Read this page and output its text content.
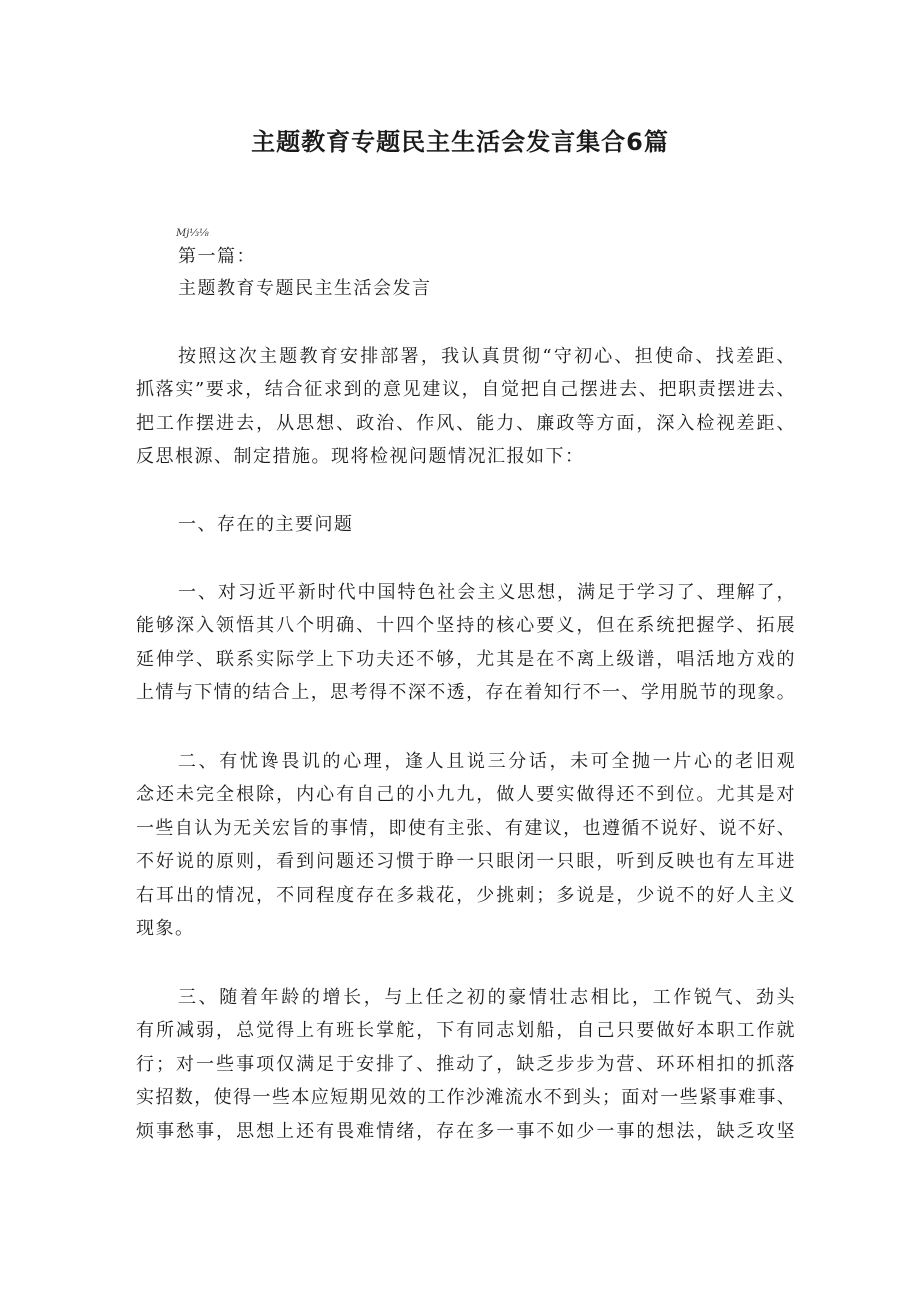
主题教育专题民主生活会发言集合6篇
Mj⅓⅛
第一篇：
主题教育专题民主生活会发言
按照这次主题教育安排部署，我认真贯彻“守初心、担使命、找差距、
抓落实”要求，结合征求到的意见建议，自觉把自己摆进去、把职责摆进去、
把工作摆进去，从思想、政治、作风、能力、廉政等方面，深入检视差距、
反思根源、制定措施。现将检视问题情况汇报如下：
一、存在的主要问题
一、对习近平新时代中国特色社会主义思想，满足于学习了、理解了，
能够深入领悟其八个明确、十四个坚持的核心要义，但在系统把握学、拓展
延伸学、联系实际学上下功夫还不够，尤其是在不离上级谱，唱活地方戏的
上情与下情的结合上，思考得不深不透，存在着知行不一、学用脱节的现象。
二、有忧谗畏讥的心理，逢人且说三分话，未可全抛一片心的老旧观
念还未完全根除，内心有自己的小九九，做人要实做得还不到位。尤其是对
一些自认为无关宏旨的事情，即使有主张、有建议，也遵循不说好、说不好、
不好说的原则，看到问题还习惯于睁一只眼闭一只眼，听到反映也有左耳进
右耳出的情况，不同程度存在多栽花，少挑刺；多说是，少说不的好人主义
现象。
三、随着年龄的增长，与上任之初的豪情壮志相比，工作锐气、劲头
有所减弱，总觉得上有班长掌舵，下有同志划船，自己只要做好本职工作就
行；对一些事项仅满足于安排了、推动了，缺乏步步为营、环环相扣的抓落
实招数，使得一些本应短期见效的工作沙滩流水不到头；面对一些紧事难事、
烦事愁事，思想上还有畏难情绪，存在多一事不如少一事的想法，缺乏攻坚
